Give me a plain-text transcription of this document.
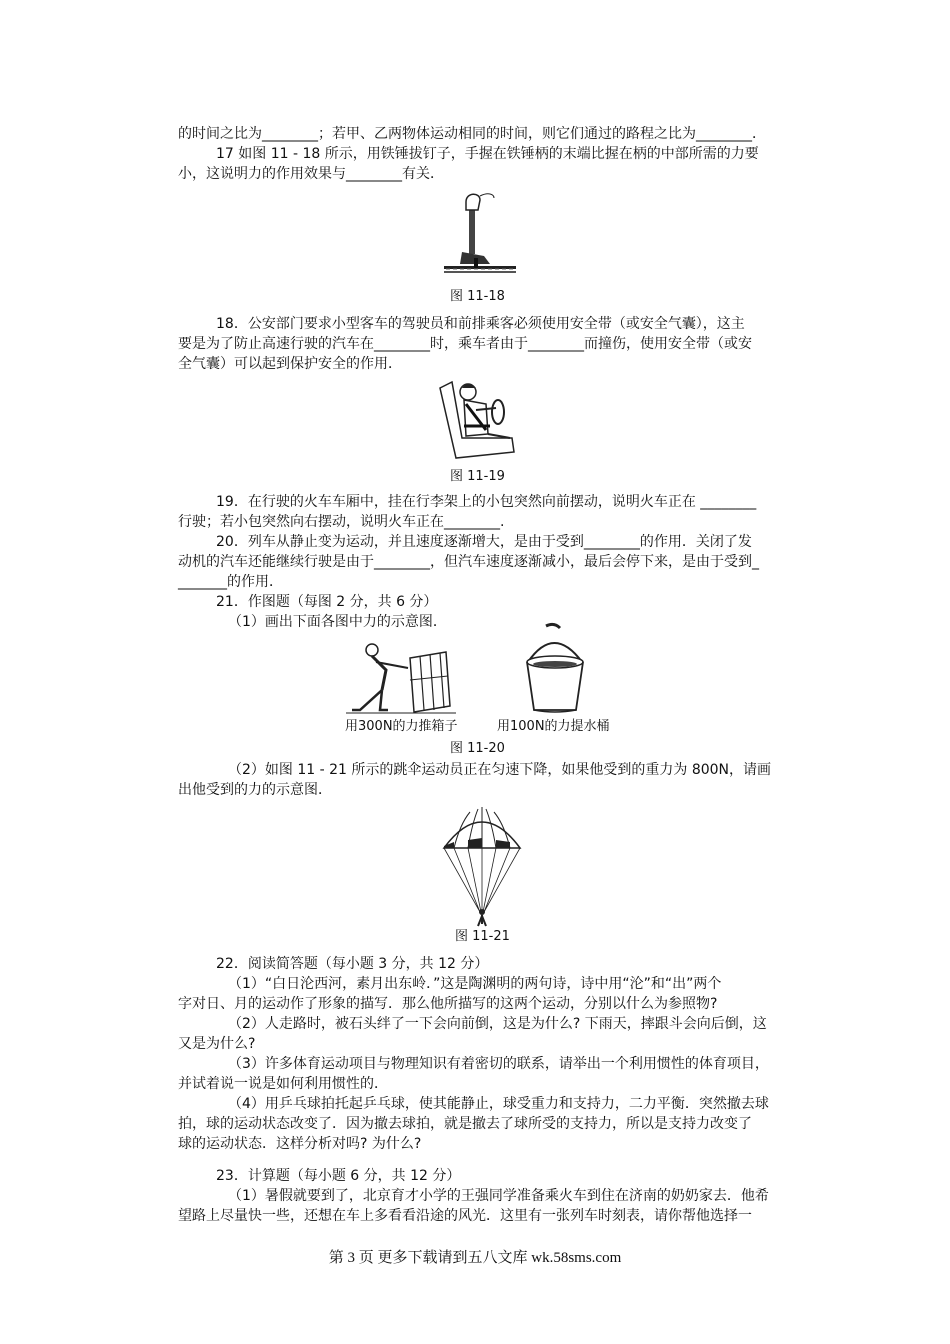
的时间之比为________；若甲、乙两物体运动相同的时间，则它们通过的路程之比为________．
17 如图 11 - 18 所示，用铁锤拔钉子，手握在铁锤柄的末端比握在柄的中部所需的力要
小，这说明力的作用效果与________有关．
图 11-18
18．公安部门要求小型客车的驾驶员和前排乘客必须使用安全带（或安全气囊），这主
要是为了防止高速行驶的汽车在________时，乘车者由于________而撞伤，使用安全带（或安
全气囊）可以起到保护安全的作用．
图 11-19
19．在行驶的火车车厢中，挂在行李架上的小包突然向前摆动，说明火车正在 ________
行驶；若小包突然向右摆动，说明火车正在________.
20．列车从静止变为运动，并且速度逐渐增大，是由于受到________的作用．关闭了发
动机的汽车还能继续行驶是由于________，但汽车速度逐渐减小，最后会停下来，是由于受到_
_______的作用．
21．作图题（每图 2 分，共 6 分）
（1）画出下面各图中力的示意图．
用300N的力推箱子	用100N的力提水桶
图 11-20
（2）如图 11 - 21 所示的跳伞运动员正在匀速下降，如果他受到的重力为 800N，请画
出他受到的力的示意图．
图 11-21
22．阅读简答题（每小题 3 分，共 12 分）
（1）“白日沦西河，素月出东岭．”这是陶渊明的两句诗，诗中用“沦”和“出”两个
字对日、月的运动作了形象的描写．那么他所描写的这两个运动，分别以什么为参照物?
（2）人走路时，被石头绊了一下会向前倒，这是为什么? 下雨天，摔跟斗会向后倒，这
又是为什么?
（3）许多体育运动项目与物理知识有着密切的联系，请举出一个利用惯性的体育项目，
并试着说一说是如何利用惯性的．
（4）用乒乓球拍托起乒乓球，使其能静止，球受重力和支持力，二力平衡．突然撤去球
拍，球的运动状态改变了．因为撤去球拍，就是撤去了球所受的支持力，所以是支持力改变了
球的运动状态．这样分析对吗? 为什么?
23．计算题（每小题 6 分，共 12 分）
（1）暑假就要到了，北京育才小学的王强同学准备乘火车到住在济南的奶奶家去．他希
望路上尽量快一些，还想在车上多看看沿途的风光．这里有一张列车时刻表，请你帮他选择一
第 3 页 更多下载请到五八文库 wk.58sms.com
